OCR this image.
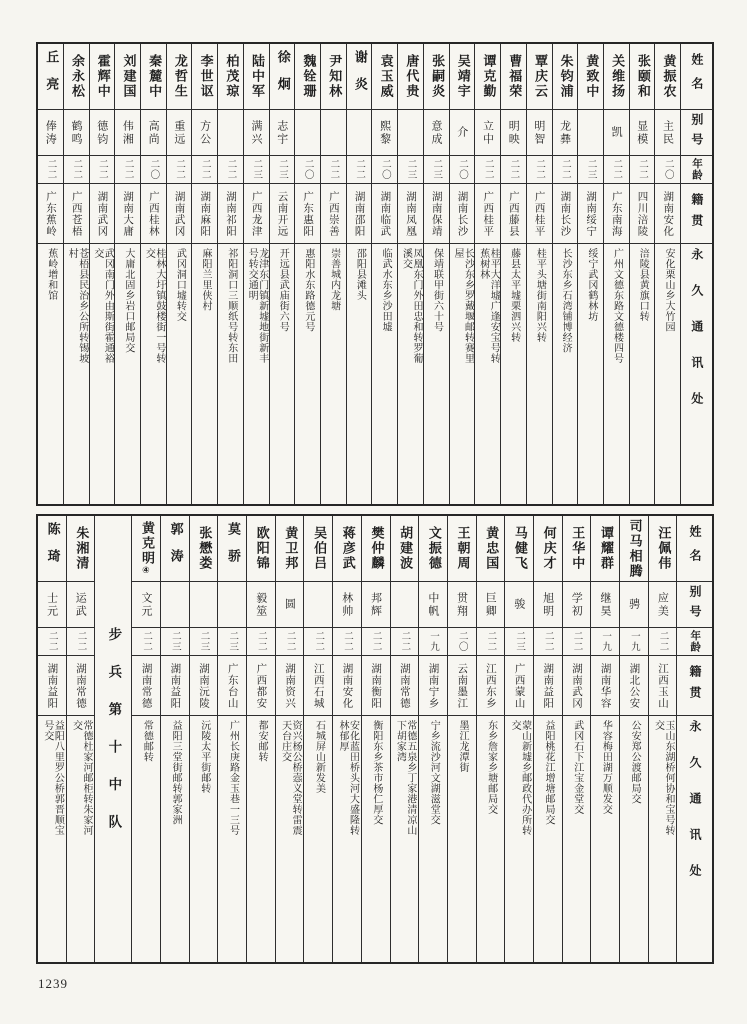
姓名
别号
年龄
籍贯
永久通讯处
黄振农
主民
二〇
湖南安化
安化栗山乡大竹园
张颐和
显模
二二
四川涪陵
涪陵县黄旗口转
关维扬
凯
二二
广东南海
广州文德东路文德楼四号
黄致中
二三
湖南绥宁
绥宁武冈鹤林坊
朱钧浦
龙彝
二二
湖南长沙
长沙东乡石湾铺博经济
覃庆云
明智
二二
广西桂平
桂平头塘街南阳兴转
曹福荣
明映
二二
广西藤县
藤县太平墟栗泗兴转
谭克勤
立中
二二
广西桂平
桂平大洋墟广逢安宝号转蕉树林
吴靖宇
介
二〇
湖南长沙
长沙东乡罗戴堰邮转赛里屋
张嗣炎
意成
二三
湖南保靖
保靖联甲街六十号
唐代贵
二三
湖南凤凰
凤凰东门外田忠和转罗葡溪交
袁玉威
熙黎
二〇
湖南临武
临武水东乡沙田墟
谢炎
二二
湖南邵阳
邵阳县滩头
尹知林
二二
广西崇善
崇善城内龙塘
魏铨珊
二〇
广东惠阳
惠阳水东路德元号
徐炯
志宇
二三
云南开远
开远县武庙街六号
陆中军
满兴
二三
广西龙津
龙津东门镇新墟地街新丰号转交通明
柏茂琼
二二
湖南祁阳
祁阳洞口三顺纸号转东田
李世讴
方公
二二
湖南麻阳
麻阳兰里侠村
龙哲生
重远
二二
湖南武冈
武冈洞口墟转交
秦麓中
高尚
二〇
广西桂林
桂林大圩镇鼓楼街一号转交
刘建国
伟湘
二二
湖南大庸
大庸北固乡岩口邮局交
霍辉中
德钧
二二
湖南武冈
武冈南门外由斯街霍通裕交
余永松
鹤鸣
二二
广西苍梧
苍梧县民治乡公所转锡坡村
丘亮
俸涛
二二
广东蕉岭
蕉岭增和馆
姓名
别号
年龄
籍贯
永久通讯处
汪佩伟
应美
二二
江西玉山
玉山东湖桥何协和宝号转交
司马相腾
骋
一九
湖北公安
公安郑公渡邮局交
谭耀群
继昊
一九
湖南华容
华容梅田湖万顺发交
王华中
学初
二二
湖南武冈
武冈石下江宝金堂交
何庆才
旭明
二二
湖南益阳
益阳桃花江增塘邮局交
马健飞
骏
二三
广西蒙山
蒙山新墟乡邮政代办所转交
黄忠国
巨卿
二二
江西东乡
东乡詹家乡塘邮局交
王朝周
贯翔
二〇
云南墨江
墨江龙潭街
文振德
中帆
一九
湖南宁乡
宁乡流沙河文湖滋堂交
胡建波
二二
湖南常德
常德五泉乡丁家港清凉山下胡家湾
樊仲麟
邦辉
二二
湖南衡阳
衡阳东乡茶市杨仁厚交
蒋彦武
林帅
二二
湖南安化
安化蓝田桥头河大盛隆转林郁厚
吴伯吕
二二
江西石城
石城屏山新发美
黄卫邦
圆
二二
湖南资兴
资兴杨公桥悫义堂转雷震天台庄交
欧阳锦
毅筮
二二
广西都安
都安邮转
莫骄
二三
广东台山
广州长庚路金玉巷一三号
张懋娄
二三
湖南沅陵
沅陵太平街邮转
郭涛
二三
湖南益阳
益阳三堂街邮转郭家洲
黄克明④
文元
二二
湖南常德
常德邮转
步兵第十中队
朱湘清
运武
二二
湖南常德
常德杜家河邮柜转朱家河交
陈琦
士元
二二
湖南益阳
益阳八里罗公桥郭晋顺宝号交
1239
